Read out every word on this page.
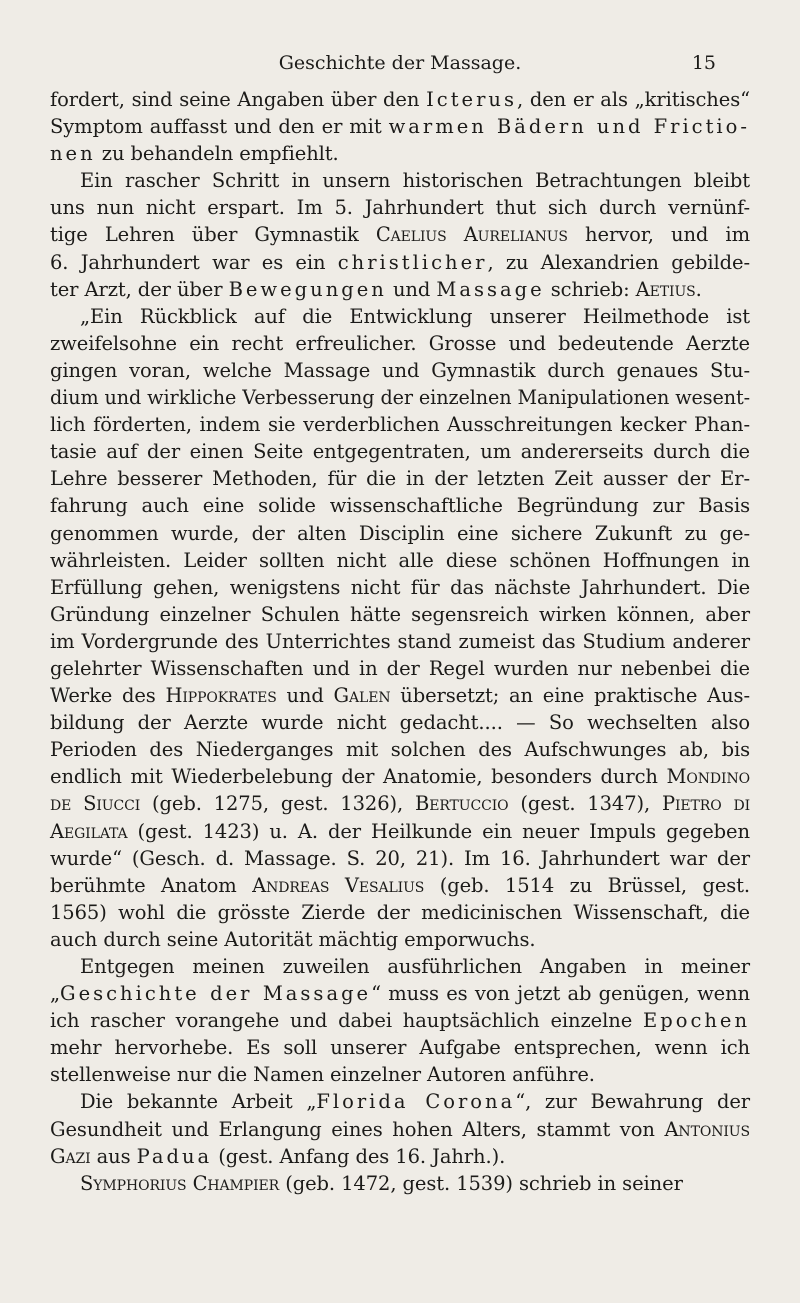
Geschichte der Massage.	15
fordert, sind seine Angaben über den Icterus, den er als „kritisches“
Symptom auffasst und den er mit warmen Bädern und Frictio-
nen zu behandeln empfiehlt.
Ein rascher Schritt in unsern historischen Betrachtungen bleibt
uns nun nicht erspart. Im 5. Jahrhundert thut sich durch vernünf-
tige Lehren über Gymnastik Caelius Aurelianus hervor, und im
6. Jahrhundert war es ein christlicher, zu Alexandrien gebilde-
ter Arzt, der über Bewegungen und Massage schrieb: Aetius.
„Ein Rückblick auf die Entwicklung unserer Heilmethode ist
zweifelsohne ein recht erfreulicher. Grosse und bedeutende Aerzte
gingen voran, welche Massage und Gymnastik durch genaues Stu-
dium und wirkliche Verbesserung der einzelnen Manipulationen wesent-
lich förderten, indem sie verderblichen Ausschreitungen kecker Phan-
tasie auf der einen Seite entgegentraten, um andererseits durch die
Lehre besserer Methoden, für die in der letzten Zeit ausser der Er-
fahrung auch eine solide wissenschaftliche Begründung zur Basis
genommen wurde, der alten Disciplin eine sichere Zukunft zu ge-
währleisten. Leider sollten nicht alle diese schönen Hoffnungen in
Erfüllung gehen, wenigstens nicht für das nächste Jahrhundert. Die
Gründung einzelner Schulen hätte segensreich wirken können, aber
im Vordergrunde des Unterrichtes stand zumeist das Studium anderer
gelehrter Wissenschaften und in der Regel wurden nur nebenbei die
Werke des Hippokrates und Galen übersetzt; an eine praktische Aus-
bildung der Aerzte wurde nicht gedacht.... — So wechselten also
Perioden des Niederganges mit solchen des Aufschwunges ab, bis
endlich mit Wiederbelebung der Anatomie, besonders durch Mondino
de Siucci (geb. 1275, gest. 1326), Bertuccio (gest. 1347), Pietro di
Aegilata (gest. 1423) u. A. der Heilkunde ein neuer Impuls gegeben
wurde“ (Gesch. d. Massage. S. 20, 21). Im 16. Jahrhundert war der
berühmte Anatom Andreas Vesalius (geb. 1514 zu Brüssel, gest.
1565) wohl die grösste Zierde der medicinischen Wissenschaft, die
auch durch seine Autorität mächtig emporwuchs.
Entgegen meinen zuweilen ausführlichen Angaben in meiner
„Geschichte der Massage“ muss es von jetzt ab genügen, wenn
ich rascher vorangehe und dabei hauptsächlich einzelne Epochen
mehr hervorhebe. Es soll unserer Aufgabe entsprechen, wenn ich
stellenweise nur die Namen einzelner Autoren anführe.
Die bekannte Arbeit „Florida Corona“, zur Bewahrung der
Gesundheit und Erlangung eines hohen Alters, stammt von Antonius
Gazi aus Padua (gest. Anfang des 16. Jahrh.).
Symphorius Champier (geb. 1472, gest. 1539) schrieb in seiner
